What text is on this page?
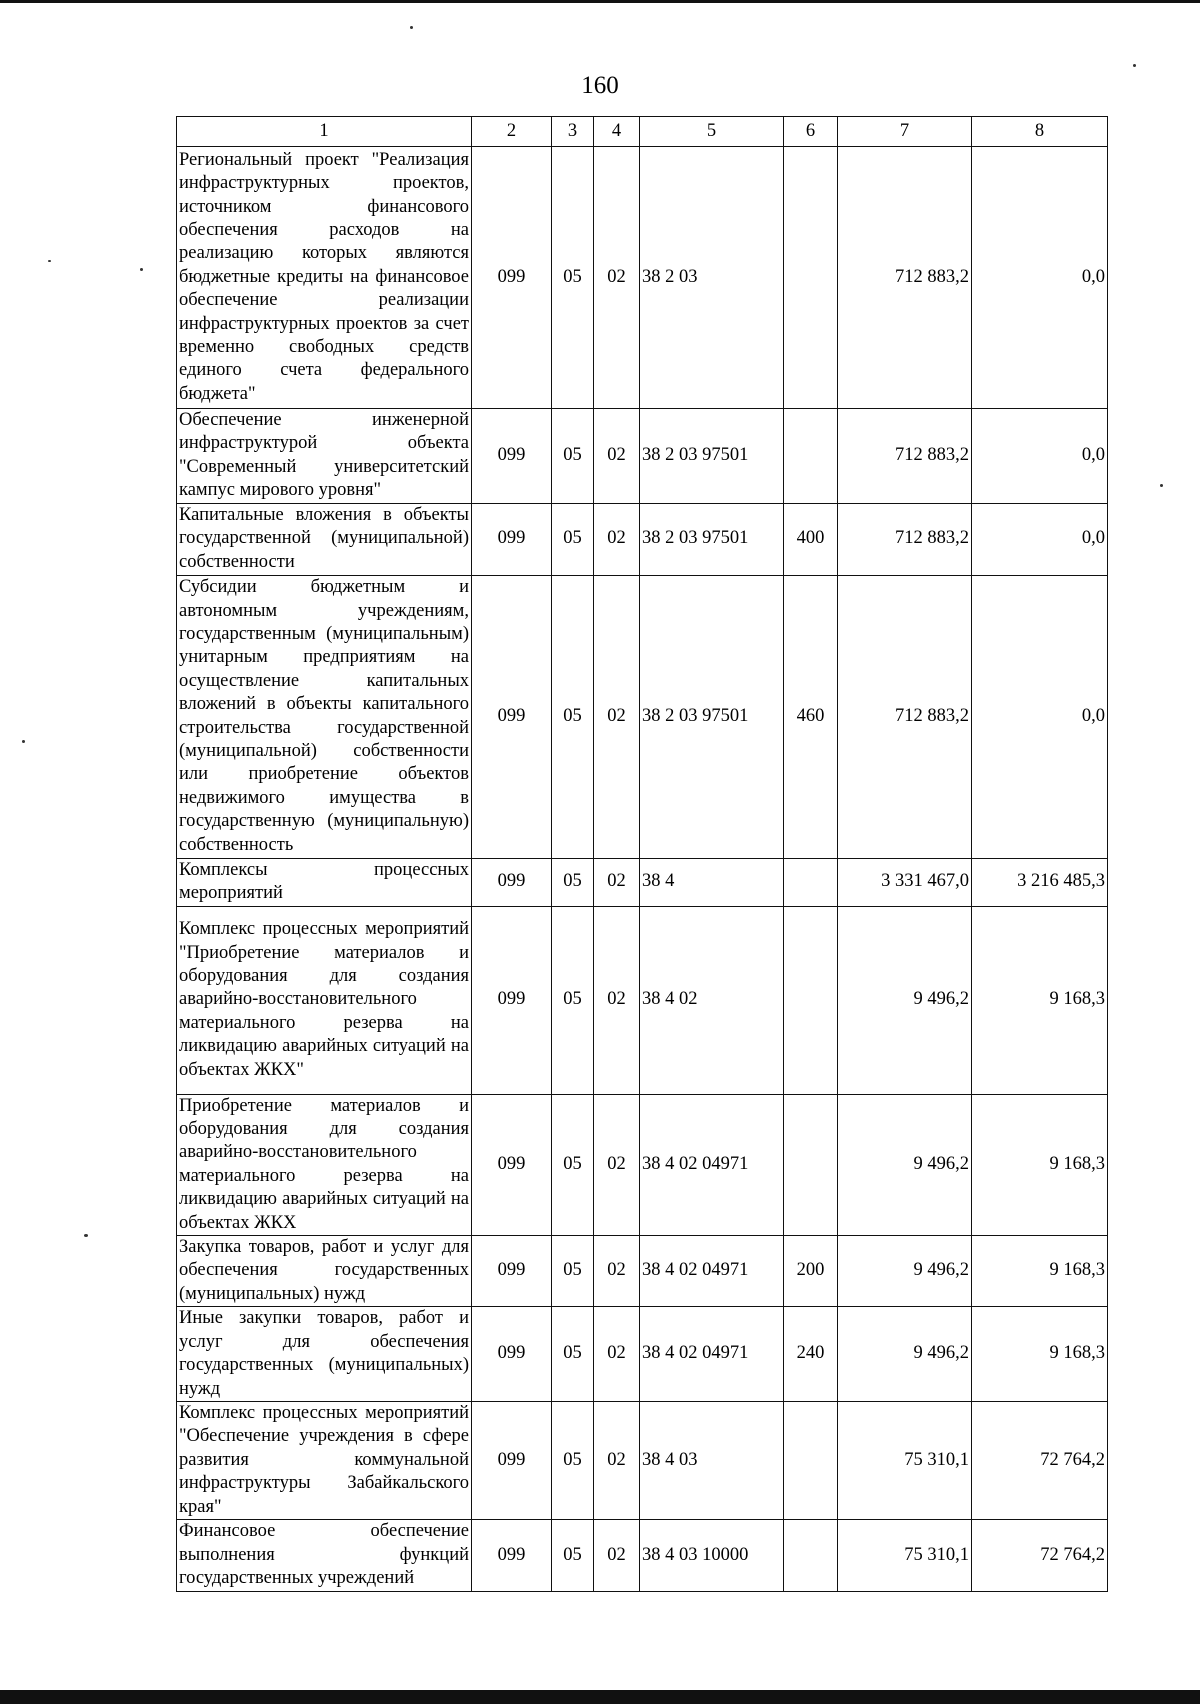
160
1	2	3	4	5	6	7	8
Региональный проект "Реализация инфраструктурных проектов, источником финансового обеспечения расходов на реализацию которых являются бюджетные кредиты на финансовое обеспечение реализации инфраструктурных проектов за счет временно свободных средств единого счета федерального бюджета"	099	05	02	38 2 03		712 883,2	0,0
Обеспечение инженерной инфраструктурой объекта "Современный университетский кампус мирового уровня"	099	05	02	38 2 03 97501		712 883,2	0,0
Капитальные вложения в объекты государственной (муниципальной) собственности	099	05	02	38 2 03 97501	400	712 883,2	0,0
Субсидии бюджетным и автономным учреждениям, государственным (муниципальным) унитарным предприятиям на осуществление капитальных вложений в объекты капитального строительства государственной (муниципальной) собственности или приобретение объектов недвижимого имущества в государственную (муниципальную) собственность	099	05	02	38 2 03 97501	460	712 883,2	0,0
Комплексы процессных мероприятий	099	05	02	38 4		3 331 467,0	3 216 485,3
Комплекс процессных мероприятий "Приобретение материалов и оборудования для создания аварийно-восстановительного материального резерва на ликвидацию аварийных ситуаций на объектах ЖКХ"	099	05	02	38 4 02		9 496,2	9 168,3
Приобретение материалов и оборудования для создания аварийно-восстановительного материального резерва на ликвидацию аварийных ситуаций на объектах ЖКХ	099	05	02	38 4 02 04971		9 496,2	9 168,3
Закупка товаров, работ и услуг для обеспечения государственных (муниципальных) нужд	099	05	02	38 4 02 04971	200	9 496,2	9 168,3
Иные закупки товаров, работ и услуг для обеспечения государственных (муниципальных) нужд	099	05	02	38 4 02 04971	240	9 496,2	9 168,3
Комплекс процессных мероприятий "Обеспечение учреждения в сфере развития коммунальной инфраструктуры Забайкальского края"	099	05	02	38 4 03		75 310,1	72 764,2
Финансовое обеспечение выполнения функций государственных учреждений	099	05	02	38 4 03 10000		75 310,1	72 764,2
